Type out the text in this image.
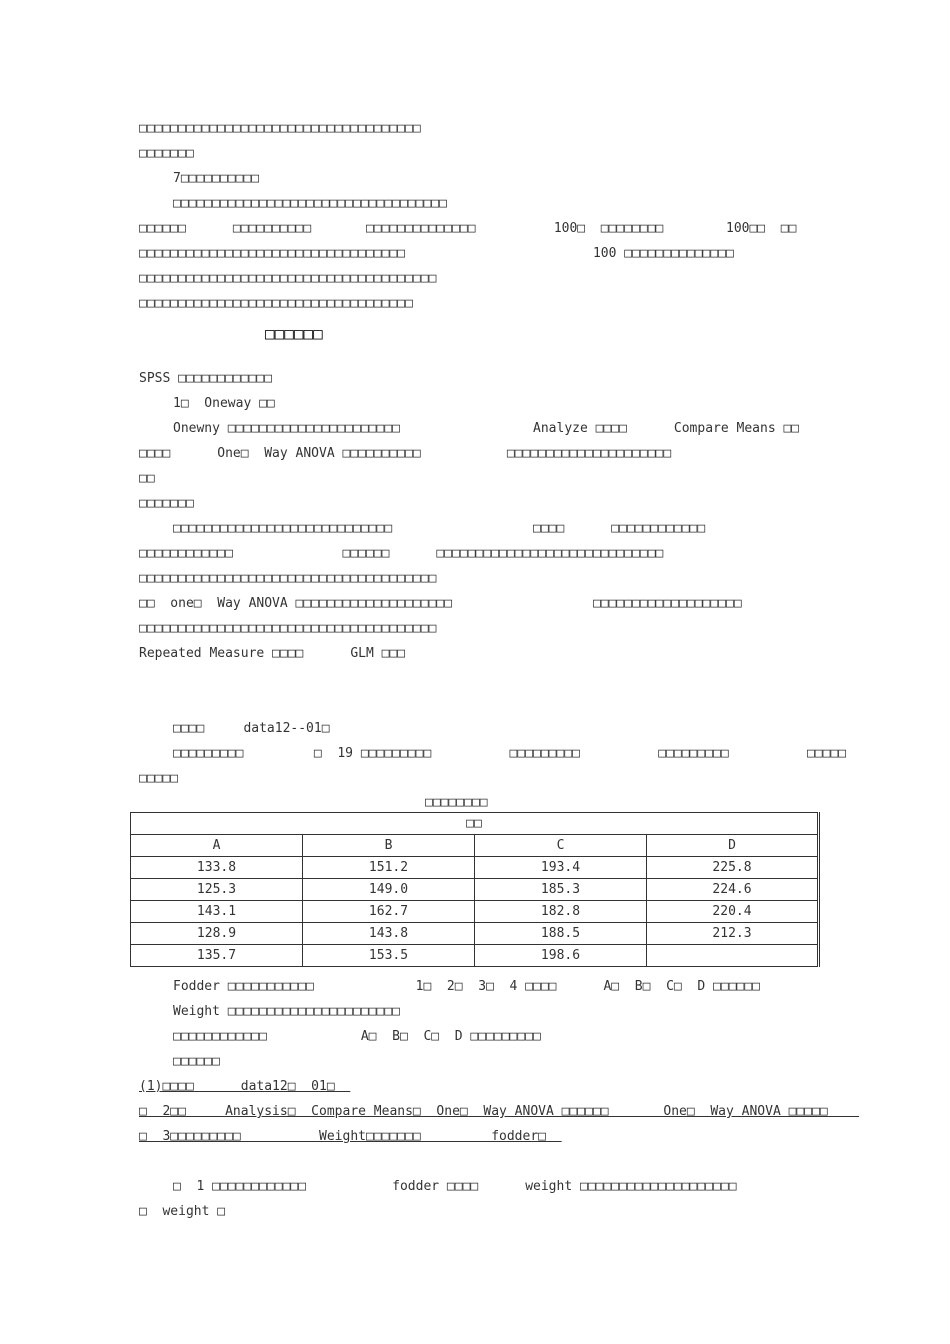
□□□□□□□□□□□□□□□□□□□□□□□□□□□□□□□□□□□□
□□□□□□□
7□□□□□□□□□□
□□□□□□□□□□□□□□□□□□□□□□□□□□□□□□□□□□□
□□□□□□      □□□□□□□□□□       □□□□□□□□□□□□□□          100□  □□□□□□□□        100□□  □□
□□□□□□□□□□□□□□□□□□□□□□□□□□□□□□□□□□                        100 □□□□□□□□□□□□□□
□□□□□□□□□□□□□□□□□□□□□□□□□□□□□□□□□□□□□□
□□□□□□□□□□□□□□□□□□□□□□□□□□□□□□□□□□□
□□□□□□
SPSS □□□□□□□□□□□□
1□  Oneway □□
Onewny □□□□□□□□□□□□□□□□□□□□□□                 Analyze □□□□      Compare Means □□
□□□□      One□  Way ANOVA □□□□□□□□□□           □□□□□□□□□□□□□□□□□□□□□
□□
□□□□□□□
□□□□□□□□□□□□□□□□□□□□□□□□□□□□                  □□□□      □□□□□□□□□□□□
□□□□□□□□□□□□              □□□□□□      □□□□□□□□□□□□□□□□□□□□□□□□□□□□□
□□□□□□□□□□□□□□□□□□□□□□□□□□□□□□□□□□□□□□
□□  one□  Way ANOVA □□□□□□□□□□□□□□□□□□□□                  □□□□□□□□□□□□□□□□□□□
□□□□□□□□□□□□□□□□□□□□□□□□□□□□□□□□□□□□□□
Repeated Measure □□□□      GLM □□□
□□□□     data12--01□
□□□□□□□□□         □  19 □□□□□□□□□          □□□□□□□□□          □□□□□□□□□          □□□□□
□□□□□
□□□□□□□□
Fodder □□□□□□□□□□□             1□  2□  3□  4 □□□□      A□  B□  C□  D □□□□□□
Weight □□□□□□□□□□□□□□□□□□□□□□
□□□□□□□□□□□□            A□  B□  C□  D □□□□□□□□□
□□□□□□
(1)□□□□      data12□  01□
□  2□□     Analysis□  Compare Means□  One□  Way ANOVA □□□□□□       One□  Way ANOVA □□□□□
□  3□□□□□□□□□          Weight□□□□□□□         fodder□
□  1 □□□□□□□□□□□□           fodder □□□□      weight □□□□□□□□□□□□□□□□□□□□
□  weight □
□□			
A	B	C	D
133.8	151.2	193.4	225.8
125.3	149.0	185.3	224.6
143.1	162.7	182.8	220.4
128.9	143.8	188.5	212.3
135.7	153.5	198.6	
